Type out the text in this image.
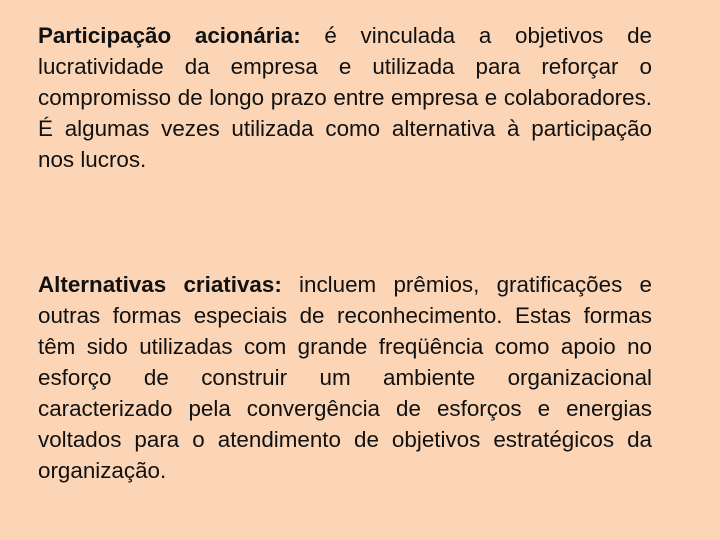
Participação acionária: é vinculada a objetivos de lucratividade da empresa e utilizada para reforçar o compromisso de longo prazo entre empresa e colaboradores. É algumas vezes utilizada como alternativa à participação nos lucros.

Alternativas criativas: incluem prêmios, gratificações e outras formas especiais de reconhecimento. Estas formas têm sido utilizadas com grande freqüência como apoio no esforço de construir um ambiente organizacional caracterizado pela convergência de esforços e energias voltados para o atendimento de objetivos estratégicos da organização.
